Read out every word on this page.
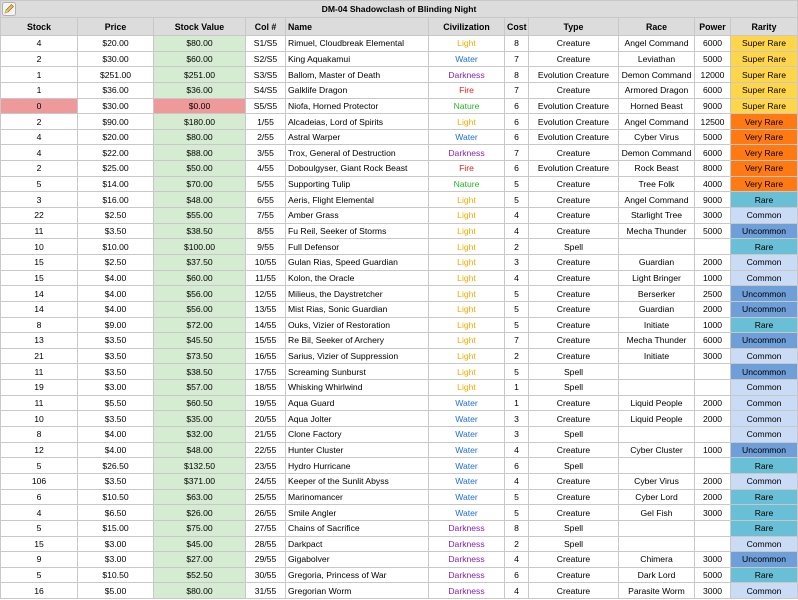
DM-04 Shadowclash of Blinding Night										
Stock	Price	Stock Value	Col #	Name	Civilization	Cost	Type	Race	Power	Rarity
4	$20.00	$80.00	S1/S5	Rimuel, Cloudbreak Elemental	Light	8	Creature	Angel Command	6000	Super Rare
2	$30.00	$60.00	S2/S5	King Aquakamui	Water	7	Creature	Leviathan	5000	Super Rare
1	$251.00	$251.00	S3/S5	Ballom, Master of Death	Darkness	8	Evolution Creature	Demon Command	12000	Super Rare
1	$36.00	$36.00	S4/S5	Galklife Dragon	Fire	7	Creature	Armored Dragon	6000	Super Rare
0	$30.00	$0.00	S5/S5	Niofa, Horned Protector	Nature	6	Evolution Creature	Horned Beast	9000	Super Rare
2	$90.00	$180.00	1/55	Alcadeias, Lord of Spirits	Light	6	Evolution Creature	Angel Command	12500	Very Rare
4	$20.00	$80.00	2/55	Astral Warper	Water	6	Evolution Creature	Cyber Virus	5000	Very Rare
4	$22.00	$88.00	3/55	Trox, General of Destruction	Darkness	7	Creature	Demon Command	6000	Very Rare
2	$25.00	$50.00	4/55	Doboulgyser, Giant Rock Beast	Fire	6	Evolution Creature	Rock Beast	8000	Very Rare
5	$14.00	$70.00	5/55	Supporting Tulip	Nature	5	Creature	Tree Folk	4000	Very Rare
3	$16.00	$48.00	6/55	Aeris, Flight Elemental	Light	5	Creature	Angel Command	9000	Rare
22	$2.50	$55.00	7/55	Amber Grass	Light	4	Creature	Starlight Tree	3000	Common
11	$3.50	$38.50	8/55	Fu Reil, Seeker of Storms	Light	4	Creature	Mecha Thunder	5000	Uncommon
10	$10.00	$100.00	9/55	Full Defensor	Light	2	Spell			Rare
15	$2.50	$37.50	10/55	Gulan Rias, Speed Guardian	Light	3	Creature	Guardian	2000	Common
15	$4.00	$60.00	11/55	Kolon, the Oracle	Light	4	Creature	Light Bringer	1000	Common
14	$4.00	$56.00	12/55	Milieus, the Daystretcher	Light	5	Creature	Berserker	2500	Uncommon
14	$4.00	$56.00	13/55	Mist Rias, Sonic Guardian	Light	5	Creature	Guardian	2000	Uncommon
8	$9.00	$72.00	14/55	Ouks, Vizier of Restoration	Light	5	Creature	Initiate	1000	Rare
13	$3.50	$45.50	15/55	Re Bil, Seeker of Archery	Light	7	Creature	Mecha Thunder	6000	Uncommon
21	$3.50	$73.50	16/55	Sarius, Vizier of Suppression	Light	2	Creature	Initiate	3000	Common
11	$3.50	$38.50	17/55	Screaming Sunburst	Light	5	Spell			Uncommon
19	$3.00	$57.00	18/55	Whisking Whirlwind	Light	1	Spell			Common
11	$5.50	$60.50	19/55	Aqua Guard	Water	1	Creature	Liquid People	2000	Common
10	$3.50	$35.00	20/55	Aqua Jolter	Water	3	Creature	Liquid People	2000	Common
8	$4.00	$32.00	21/55	Clone Factory	Water	3	Spell			Common
12	$4.00	$48.00	22/55	Hunter Cluster	Water	4	Creature	Cyber Cluster	1000	Uncommon
5	$26.50	$132.50	23/55	Hydro Hurricane	Water	6	Spell			Rare
106	$3.50	$371.00	24/55	Keeper of the Sunlit Abyss	Water	4	Creature	Cyber Virus	2000	Common
6	$10.50	$63.00	25/55	Marinomancer	Water	5	Creature	Cyber Lord	2000	Rare
4	$6.50	$26.00	26/55	Smile Angler	Water	5	Creature	Gel Fish	3000	Rare
5	$15.00	$75.00	27/55	Chains of Sacrifice	Darkness	8	Spell			Rare
15	$3.00	$45.00	28/55	Darkpact	Darkness	2	Spell			Common
9	$3.00	$27.00	29/55	Gigabolver	Darkness	4	Creature	Chimera	3000	Uncommon
5	$10.50	$52.50	30/55	Gregoria, Princess of War	Darkness	6	Creature	Dark Lord	5000	Rare
16	$5.00	$80.00	31/55	Gregorian Worm	Darkness	4	Creature	Parasite Worm	3000	Common
